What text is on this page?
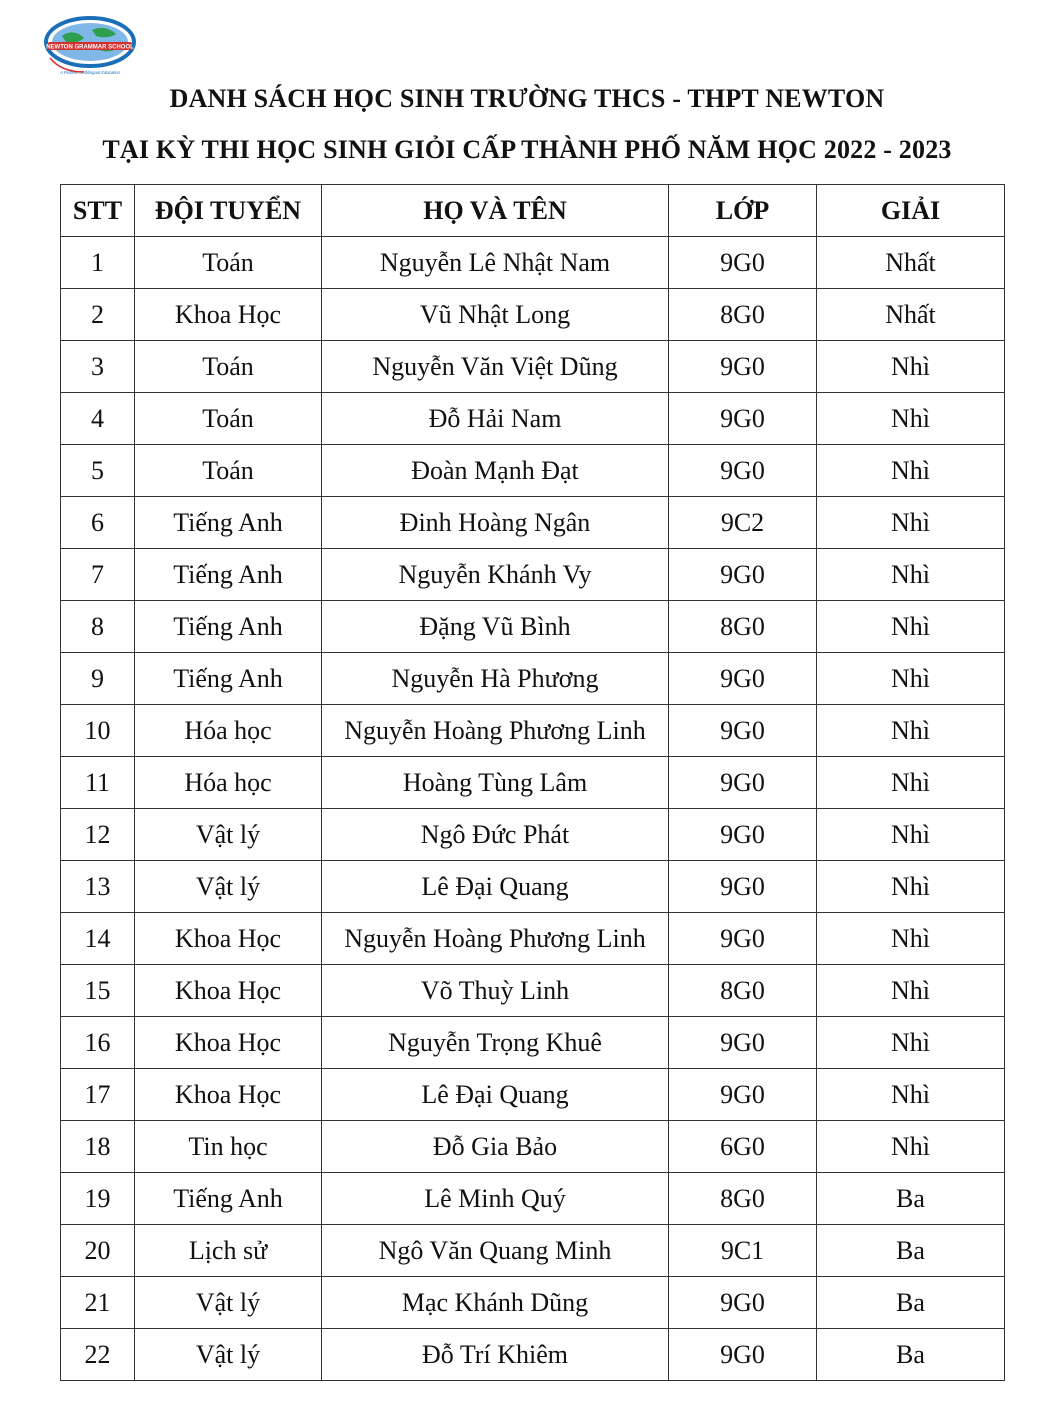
NEWTON GRAMMAR SCHOOL
A Pioneer of Bilingual Education
DANH SÁCH HỌC SINH TRƯỜNG THCS - THPT NEWTON
TẠI KỲ THI HỌC SINH GIỎI CẤP THÀNH PHỐ NĂM HỌC 2022 - 2023
STT	ĐỘI TUYỂN	HỌ VÀ TÊN	LỚP	GIẢI
1	Toán	Nguyễn Lê Nhật Nam	9G0	Nhất
2	Khoa Học	Vũ Nhật Long	8G0	Nhất
3	Toán	Nguyễn Văn Việt Dũng	9G0	Nhì
4	Toán	Đỗ Hải Nam	9G0	Nhì
5	Toán	Đoàn Mạnh Đạt	9G0	Nhì
6	Tiếng Anh	Đinh Hoàng Ngân	9C2	Nhì
7	Tiếng Anh	Nguyễn Khánh Vy	9G0	Nhì
8	Tiếng Anh	Đặng Vũ Bình	8G0	Nhì
9	Tiếng Anh	Nguyễn Hà Phương	9G0	Nhì
10	Hóa học	Nguyễn Hoàng Phương Linh	9G0	Nhì
11	Hóa học	Hoàng Tùng Lâm	9G0	Nhì
12	Vật lý	Ngô Đức Phát	9G0	Nhì
13	Vật lý	Lê Đại Quang	9G0	Nhì
14	Khoa Học	Nguyễn Hoàng Phương Linh	9G0	Nhì
15	Khoa Học	Võ Thuỳ Linh	8G0	Nhì
16	Khoa Học	Nguyễn Trọng Khuê	9G0	Nhì
17	Khoa Học	Lê Đại Quang	9G0	Nhì
18	Tin học	Đỗ Gia Bảo	6G0	Nhì
19	Tiếng Anh	Lê Minh Quý	8G0	Ba
20	Lịch sử	Ngô Văn Quang Minh	9C1	Ba
21	Vật lý	Mạc Khánh Dũng	9G0	Ba
22	Vật lý	Đỗ Trí Khiêm	9G0	Ba
